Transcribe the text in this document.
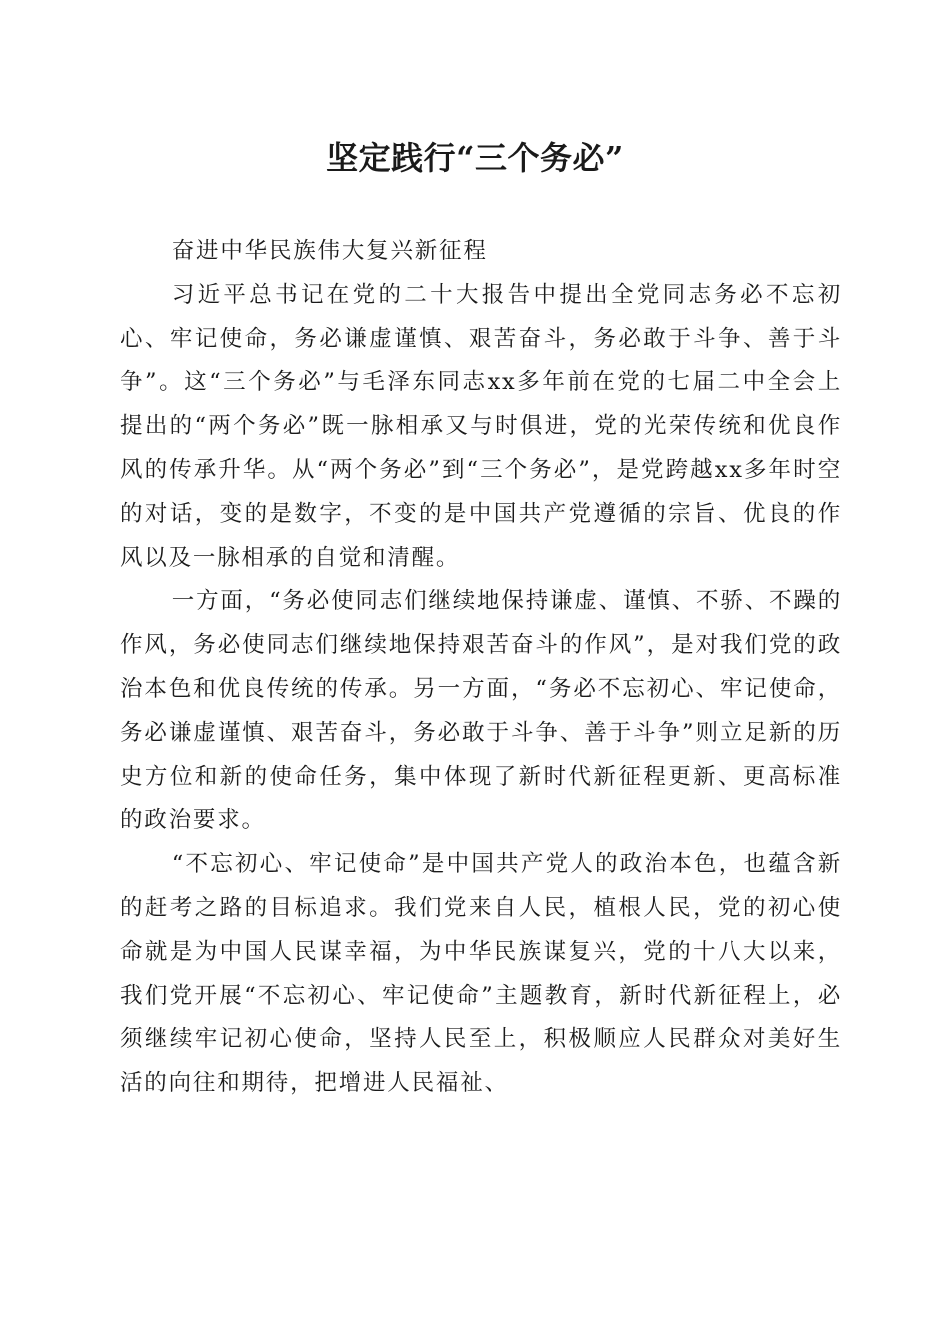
坚定践行“三个务必”

奋进中华民族伟大复兴新征程

习近平总书记在党的二十大报告中提出全党同志务必不忘初心、牢记使命，务必谦虚谨慎、艰苦奋斗，务必敢于斗争、善于斗争”。这“三个务必”与毛泽东同志xx多年前在党的七届二中全会上提出的“两个务必”既一脉相承又与时俱进，党的光荣传统和优良作风的传承升华。从“两个务必”到“三个务必”，是党跨越xx多年时空的对话，变的是数字，不变的是中国共产党遵循的宗旨、优良的作风以及一脉相承的自觉和清醒。

一方面，“务必使同志们继续地保持谦虚、谨慎、不骄、不躁的作风，务必使同志们继续地保持艰苦奋斗的作风”，是对我们党的政治本色和优良传统的传承。另一方面，“务必不忘初心、牢记使命，务必谦虚谨慎、艰苦奋斗，务必敢于斗争、善于斗争”则立足新的历史方位和新的使命任务，集中体现了新时代新征程更新、更高标准的政治要求。

“不忘初心、牢记使命”是中国共产党人的政治本色，也蕴含新的赶考之路的目标追求。我们党来自人民，植根人民，党的初心使命就是为中国人民谋幸福，为中华民族谋复兴，党的十八大以来，我们党开展“不忘初心、牢记使命”主题教育，新时代新征程上，必须继续牢记初心使命，坚持人民至上，积极顺应人民群众对美好生活的向往和期待，把增进人民福祉、
